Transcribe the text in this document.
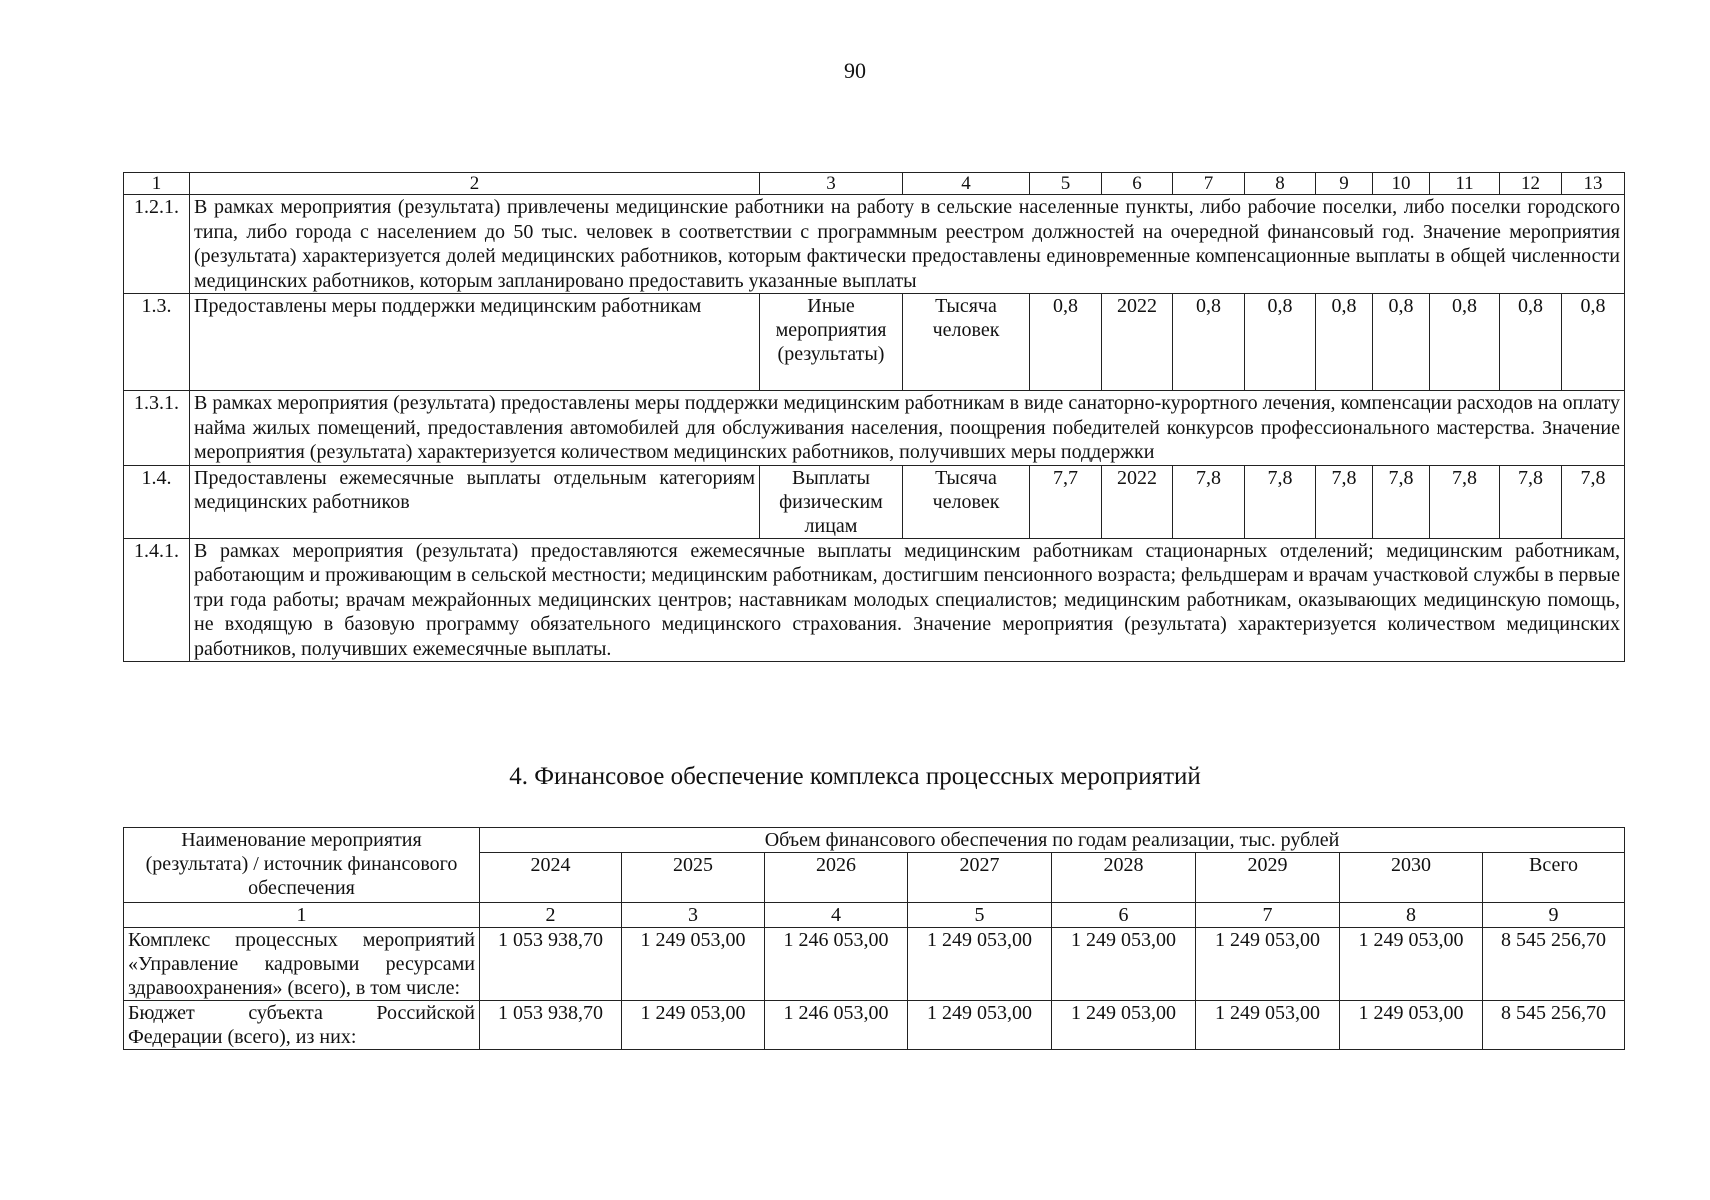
90
1	2	3	4	5	6	7	8	9	10	11	12	13
1.2.1.	В рамках мероприятия (результата) привлечены медицинские работники на работу в сельские населенные пункты, либо рабочие поселки, либо поселки городского типа, либо города с населением до 50 тыс. человек в соответствии с программным реестром должностей на очередной финансовый год. Значение мероприятия (результата) характеризуется долей медицинских работников, которым фактически предоставлены единовременные компенсационные выплаты в общей численности медицинских работников, которым запланировано предоставить указанные выплаты											
1.3.	Предоставлены меры поддержки медицинским работникам	Иные мероприятия (результаты)	Тысяча человек	0,8	2022	0,8	0,8	0,8	0,8	0,8	0,8	0,8
1.3.1.	В рамках мероприятия (результата) предоставлены меры поддержки медицинским работникам в виде санаторно-курортного лечения, компенсации расходов на оплату найма жилых помещений, предоставления автомобилей для обслуживания населения, поощрения победителей конкурсов профессионального мастерства. Значение мероприятия (результата) характеризуется количеством медицинских работников, получивших меры поддержки											
1.4.	Предоставлены ежемесячные выплаты отдельным категориям медицинских работников	Выплаты физическим лицам	Тысяча человек	7,7	2022	7,8	7,8	7,8	7,8	7,8	7,8	7,8
1.4.1.	В рамках мероприятия (результата) предоставляются ежемесячные выплаты медицинским работникам стационарных отделений; медицинским работникам, работающим и проживающим в сельской местности; медицинским работникам, достигшим пенсионного возраста; фельдшерам и врачам участковой службы в первые три года работы; врачам межрайонных медицинских центров; наставникам молодых специалистов; медицинским работникам, оказывающих медицинскую помощь, не входящую в базовую программу обязательного медицинского страхования. Значение мероприятия (результата) характеризуется количеством медицинских работников, получивших ежемесячные выплаты.											
4. Финансовое обеспечение комплекса процессных мероприятий
Наименование мероприятия (результата) / источник финансового обеспечения	Объем финансового обеспечения по годам реализации, тыс. рублей							
	2024	2025	2026	2027	2028	2029	2030	Всего
1	2	3	4	5	6	7	8	9
Комплекс процессных мероприятий «Управление кадровыми ресурсами здравоохранения» (всего), в том числе:	1 053 938,70	1 249 053,00	1 246 053,00	1 249 053,00	1 249 053,00	1 249 053,00	1 249 053,00	8 545 256,70
Бюджет субъекта Российской Федерации (всего), из них:	1 053 938,70	1 249 053,00	1 246 053,00	1 249 053,00	1 249 053,00	1 249 053,00	1 249 053,00	8 545 256,70
